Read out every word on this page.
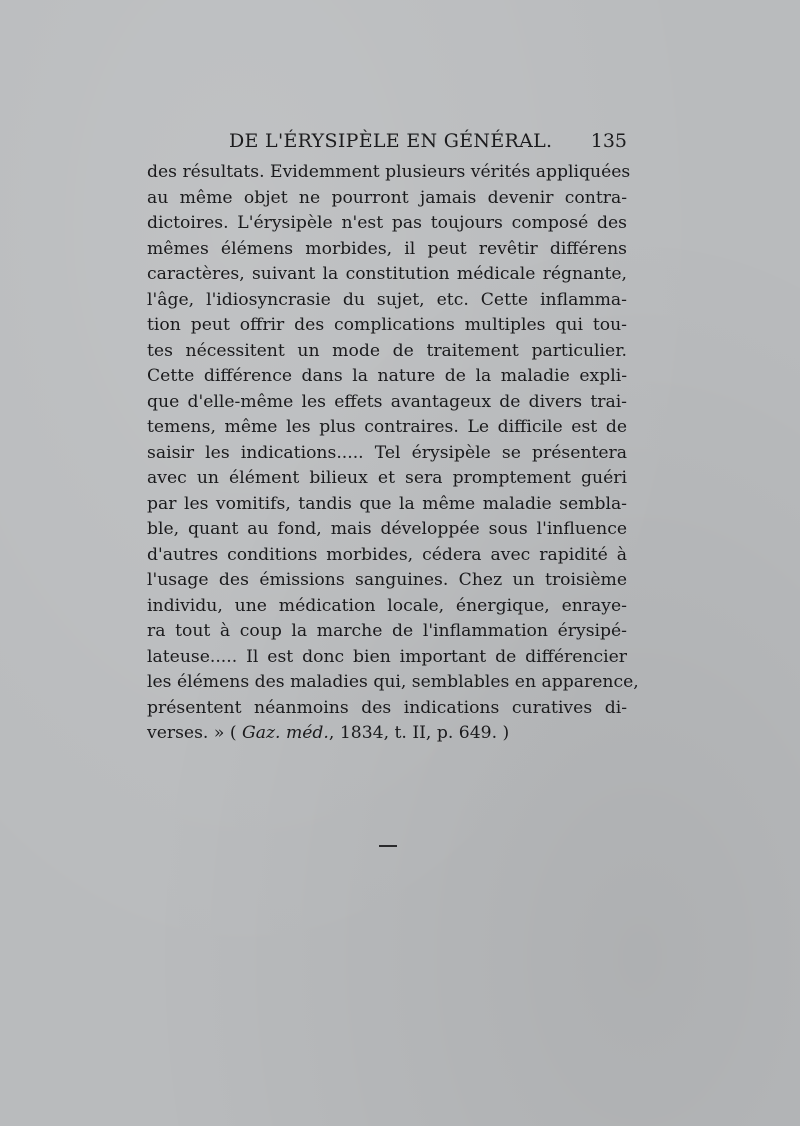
DE L'ÉRYSIPÈLE EN GÉNÉRAL. 135
des résultats. Evidemment plusieurs vérités appliquées
au même objet ne pourront jamais devenir contra-
dictoires. L'érysipèle n'est pas toujours composé des
mêmes élémens morbides, il peut revêtir différens
caractères, suivant la constitution médicale régnante,
l'âge, l'idiosyncrasie du sujet, etc. Cette inflamma-
tion peut offrir des complications multiples qui tou-
tes nécessitent un mode de traitement particulier.
Cette différence dans la nature de la maladie expli-
que d'elle-même les effets avantageux de divers trai-
temens, même les plus contraires. Le difficile est de
saisir les indications..... Tel érysipèle se présentera
avec un élément bilieux et sera promptement guéri
par les vomitifs, tandis que la même maladie sembla-
ble, quant au fond, mais développée sous l'influence
d'autres conditions morbides, cédera avec rapidité à
l'usage des émissions sanguines. Chez un troisième
individu, une médication locale, énergique, enraye-
ra tout à coup la marche de l'inflammation érysipé-
lateuse..... Il est donc bien important de différencier
les élémens des maladies qui, semblables en apparence,
présentent néanmoins des indications curatives di-
verses. » ( Gaz. méd., 1834, t. II, p. 649. )
